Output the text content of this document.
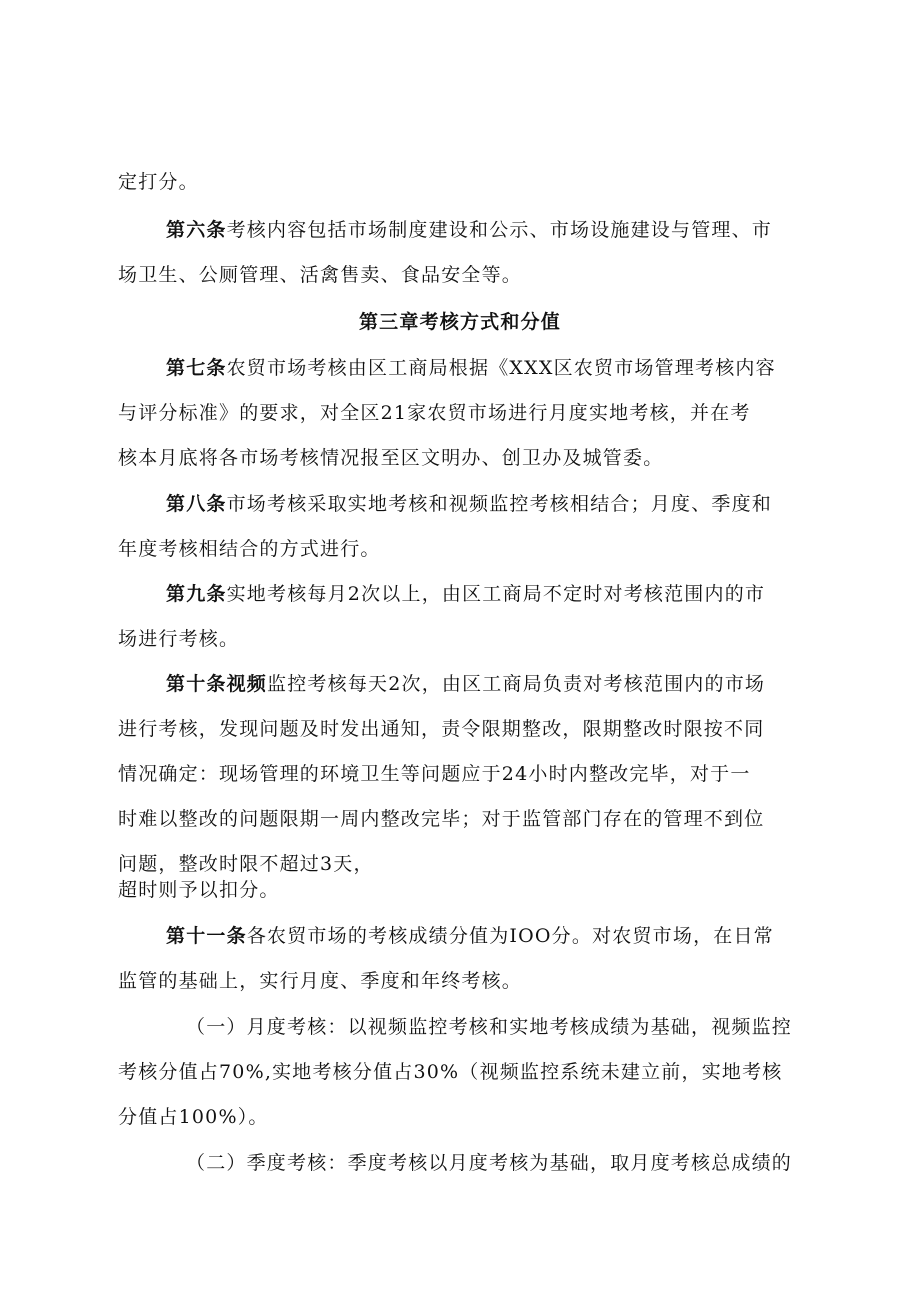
定打分。
第六条考核内容包括市场制度建设和公示、市场设施建设与管理、市
场卫生、公厕管理、活禽售卖、食品安全等。
第三章考核方式和分值
第七条农贸市场考核由区工商局根据《XXX区农贸市场管理考核内容
与评分标准》的要求，对全区21家农贸市场进行月度实地考核，并在考
核本月底将各市场考核情况报至区文明办、创卫办及城管委。
第八条市场考核采取实地考核和视频监控考核相结合；月度、季度和
年度考核相结合的方式进行。
第九条实地考核每月2次以上，由区工商局不定时对考核范围内的市
场进行考核。
第十条视频监控考核每天2次，由区工商局负责对考核范围内的市场
进行考核，发现问题及时发出通知，责令限期整改，限期整改时限按不同
情况确定：现场管理的环境卫生等问题应于24小时内整改完毕，对于一
时难以整改的问题限期一周内整改完毕；对于监管部门存在的管理不到位
问题，整改时限不超过3天，
超时则予以扣分。
第十一条各农贸市场的考核成绩分值为IOO分。对农贸市场，在日常
监管的基础上，实行月度、季度和年终考核。
（一）月度考核：以视频监控考核和实地考核成绩为基础，视频监控
考核分值占70%,实地考核分值占30%（视频监控系统未建立前，实地考核
分值占100%）。
（二）季度考核：季度考核以月度考核为基础，取月度考核总成绩的
